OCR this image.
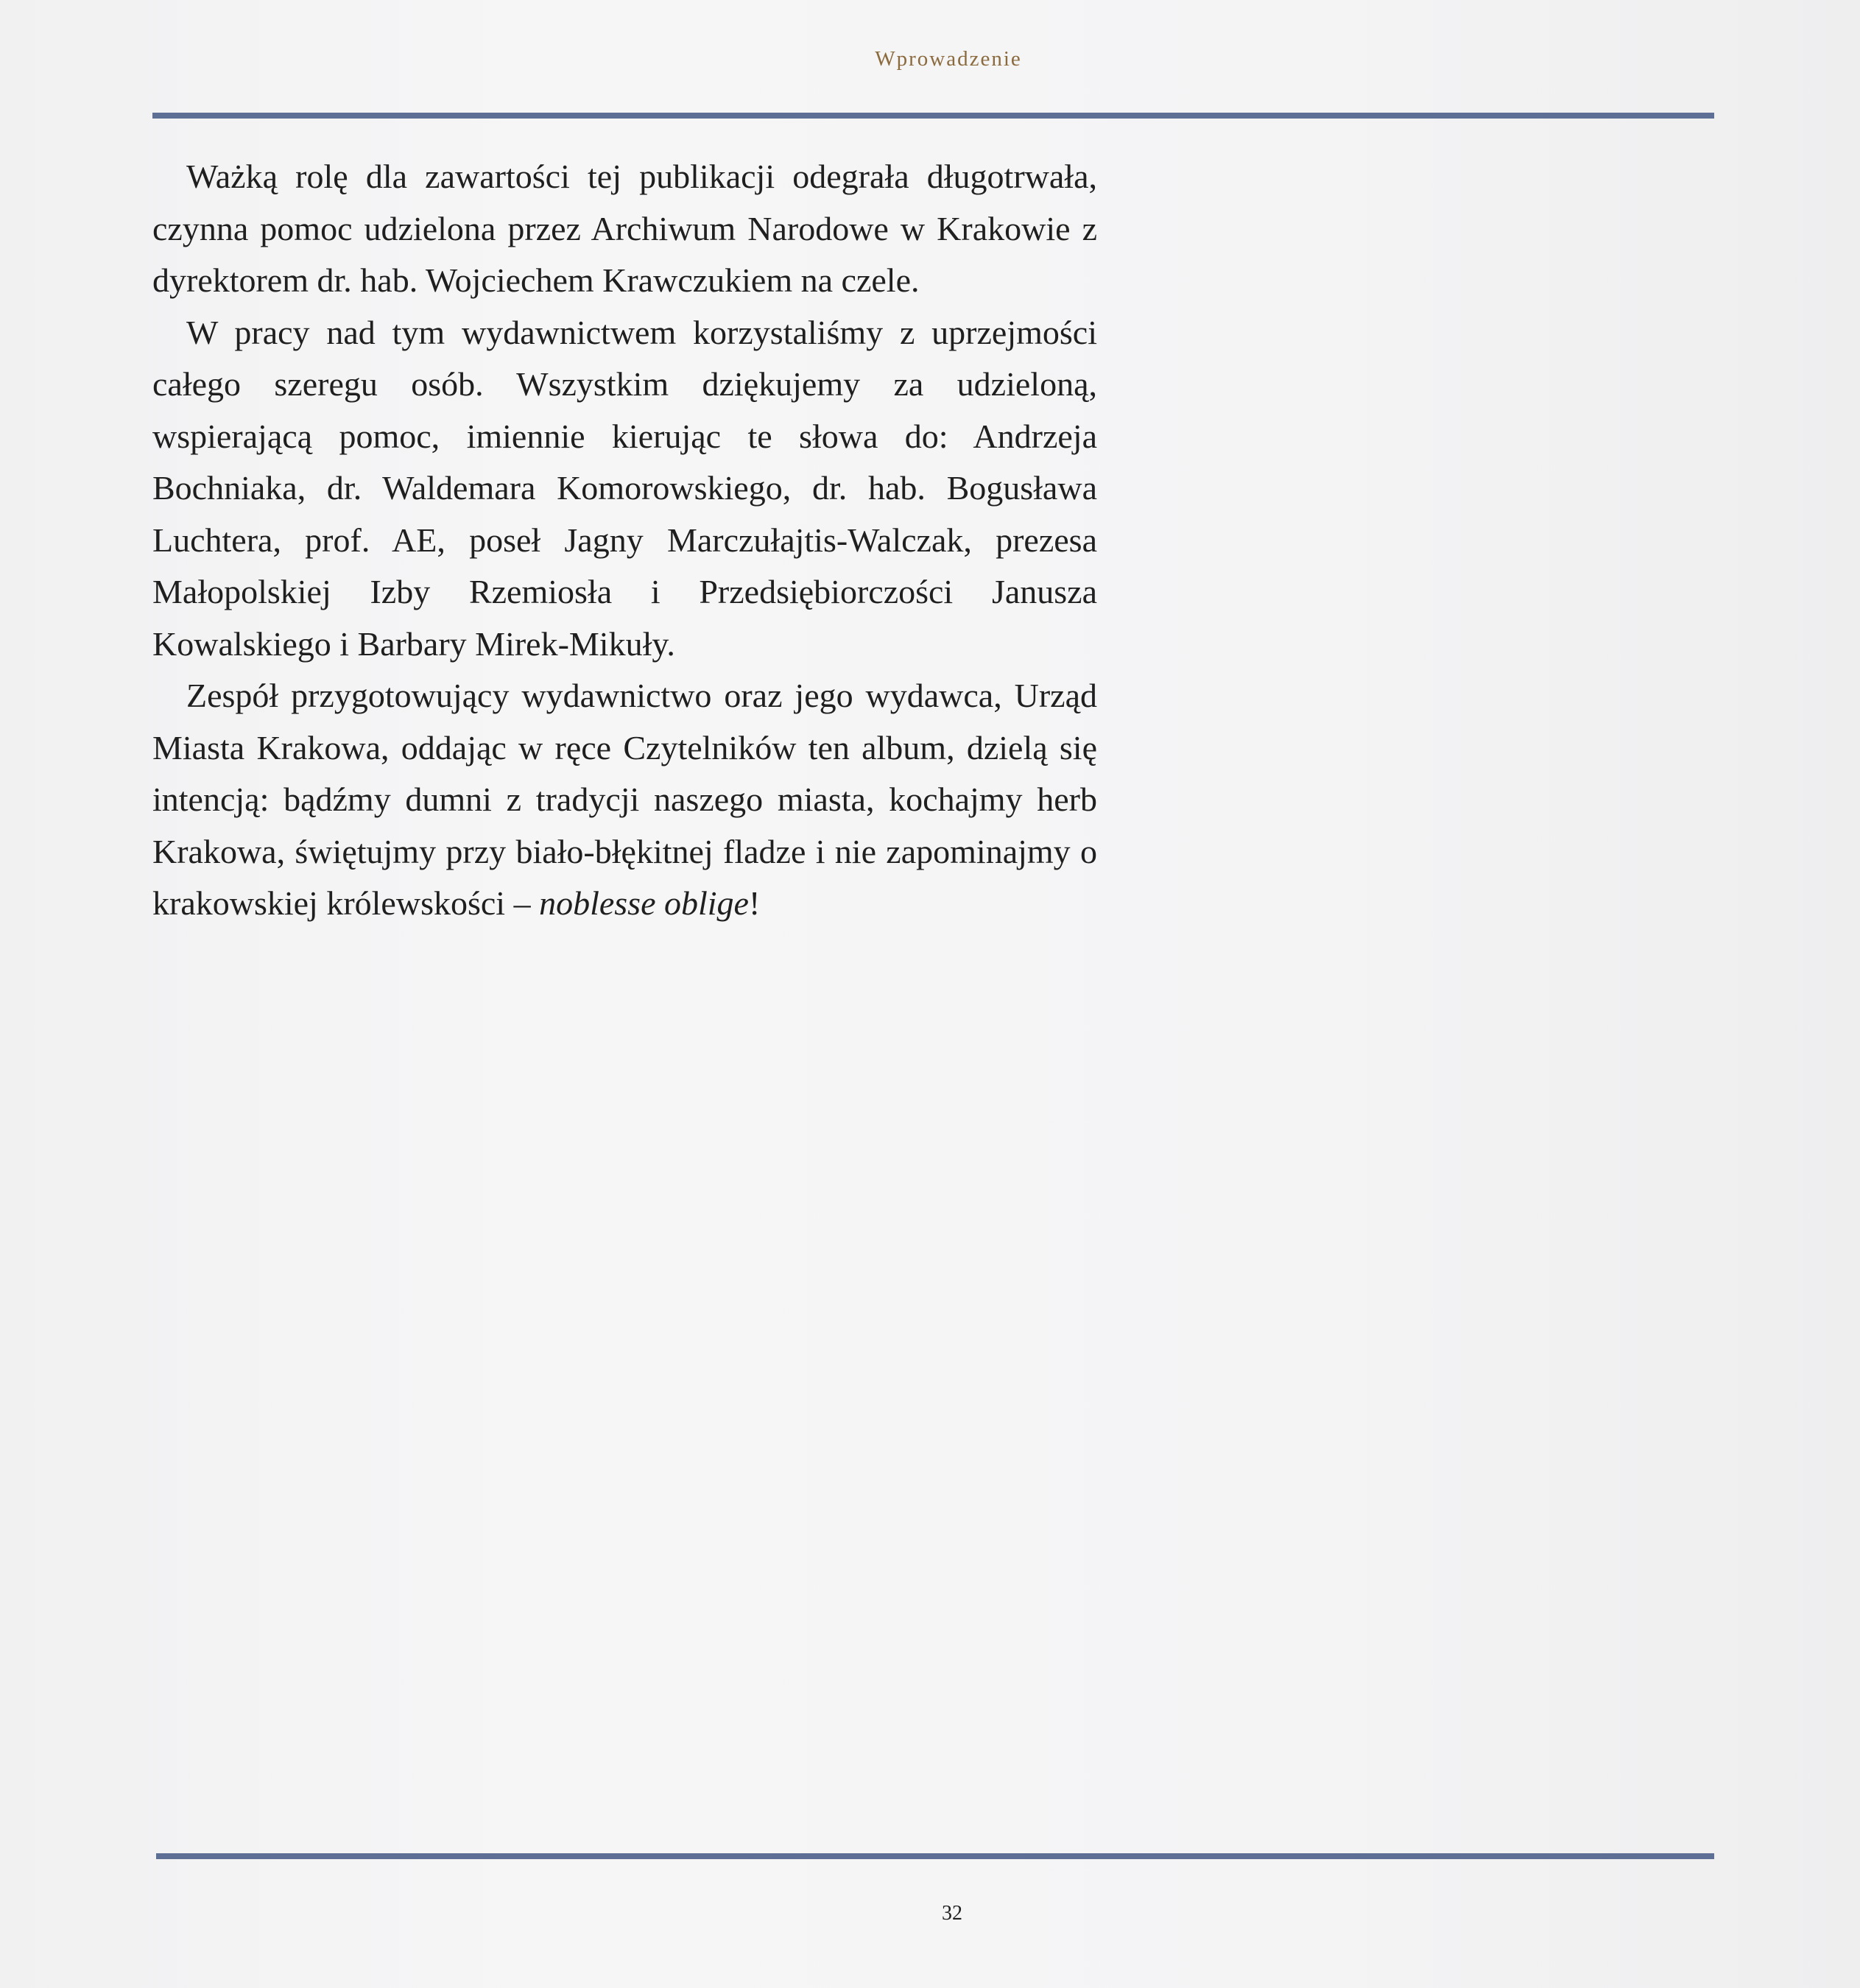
Wprowadzenie

Ważką rolę dla zawartości tej publikacji odegrała długotrwała, czynna pomoc udzielona przez Archiwum Narodowe w Krakowie z dyrektorem dr. hab. Wojciechem Krawczukiem na czele.

W pracy nad tym wydawnictwem korzystaliśmy z uprzejmości całego szeregu osób. Wszystkim dziękujemy za udzieloną, wspierającą pomoc, imiennie kierując te słowa do: Andrzeja Bochniaka, dr. Waldemara Komorowskiego, dr. hab. Bogusława Luchtera, prof. AE, poseł Jagny Marczułajtis-Walczak, prezesa Małopolskiej Izby Rzemiosła i Przedsiębiorczości Janusza Kowalskiego i Barbary Mirek-Mikuły.

Zespół przygotowujący wydawnictwo oraz jego wydawca, Urząd Miasta Krakowa, oddając w ręce Czytelników ten album, dzielą się intencją: bądźmy dumni z tradycji naszego miasta, kochajmy herb Krakowa, świętujmy przy biało-błękitnej fladze i nie zapominajmy o krakowskiej królewskości – noblesse oblige!

32
